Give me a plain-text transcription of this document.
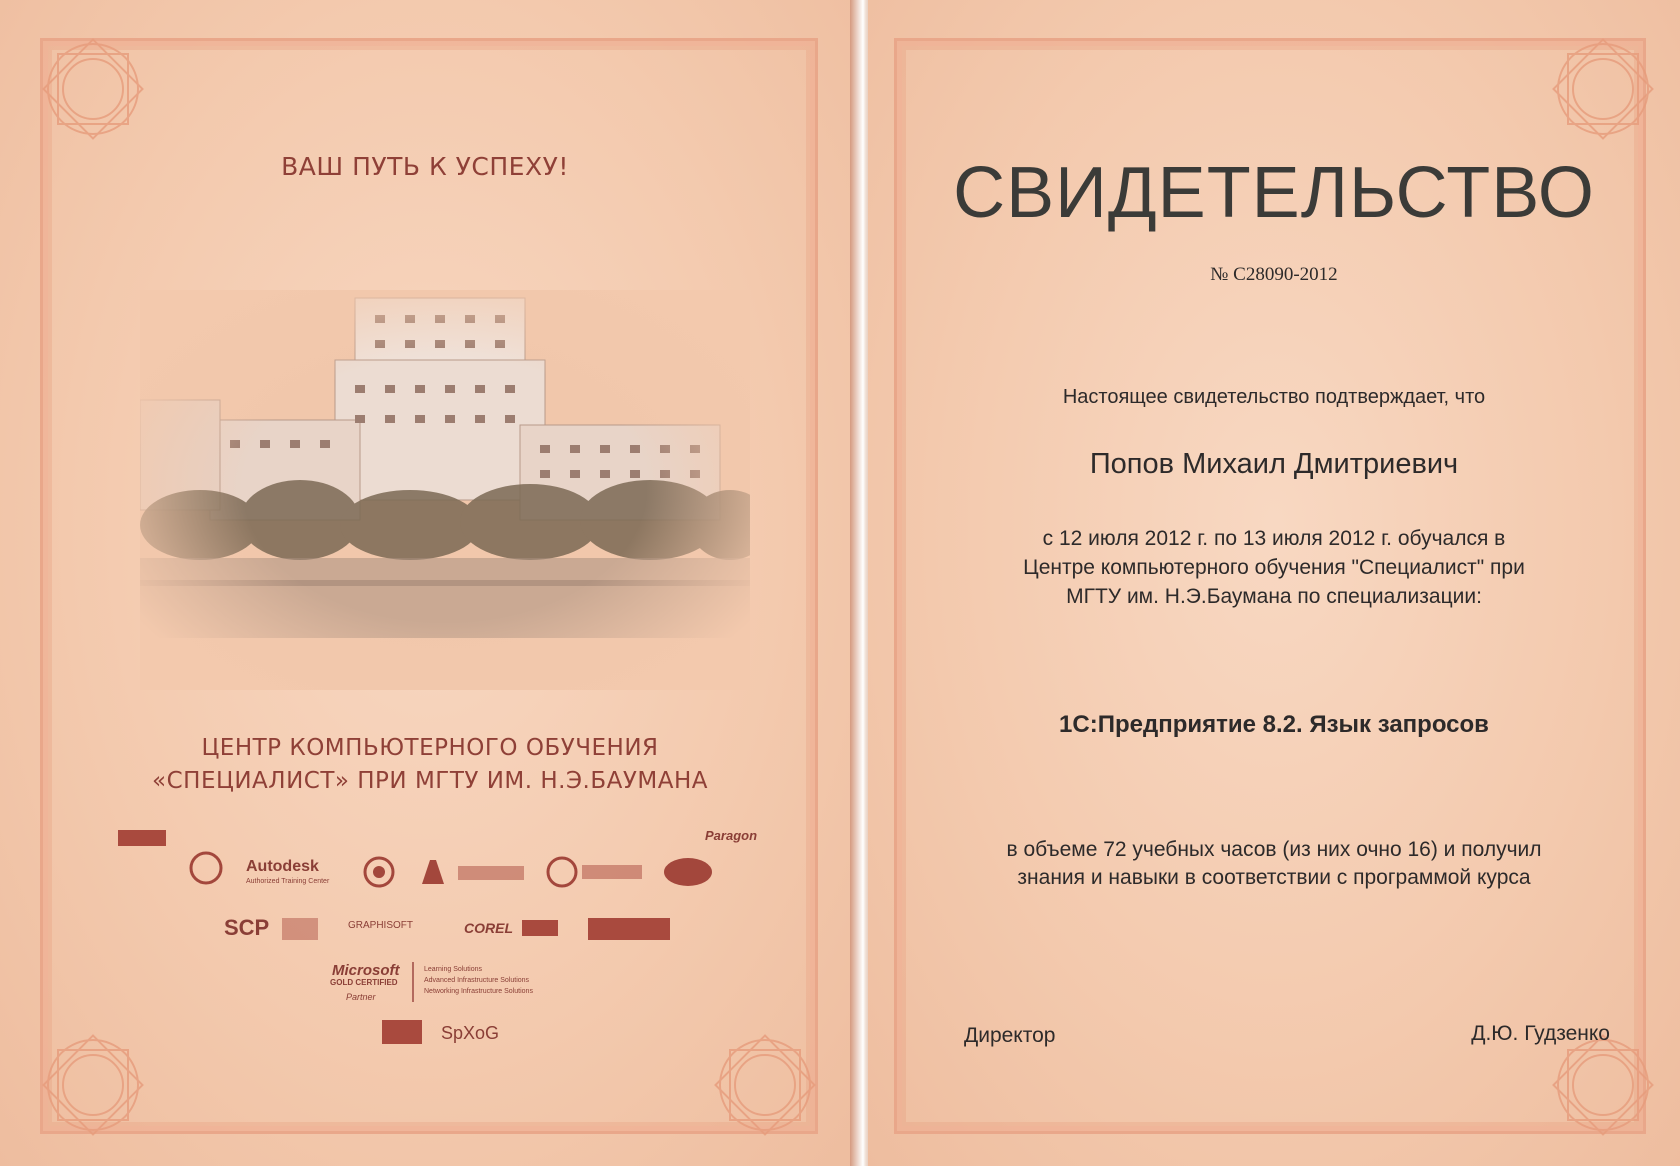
ВАШ ПУТЬ К УСПЕХУ!
ЦЕНТР КОМПЬЮТЕРНОГО ОБУЧЕНИЯ
«СПЕЦИАЛИСТ» ПРИ МГТУ ИМ. Н.Э.БАУМАНА
Paragon
Autodesk
Authorized Training Center
SCP	GRAPHISOFT	COREL
Microsoft
GOLD CERTIFIED
Partner
Learning Solutions
Advanced Infrastructure Solutions
Networking Infrastructure Solutions
SpXoG
СВИДЕТЕЛЬСТВО
№ С28090-2012
Настоящее свидетельство подтверждает, что
Попов Михаил Дмитриевич
с 12 июля 2012 г. по 13 июля 2012 г. обучался в
Центре компьютерного обучения "Специалист" при
МГТУ им. Н.Э.Баумана по специализации:
1С:Предприятие 8.2. Язык запросов
в объеме 72 учебных часов (из них очно 16) и получил
знания и навыки в соответствии с программой курса
Директор	Д.Ю. Гудзенко
